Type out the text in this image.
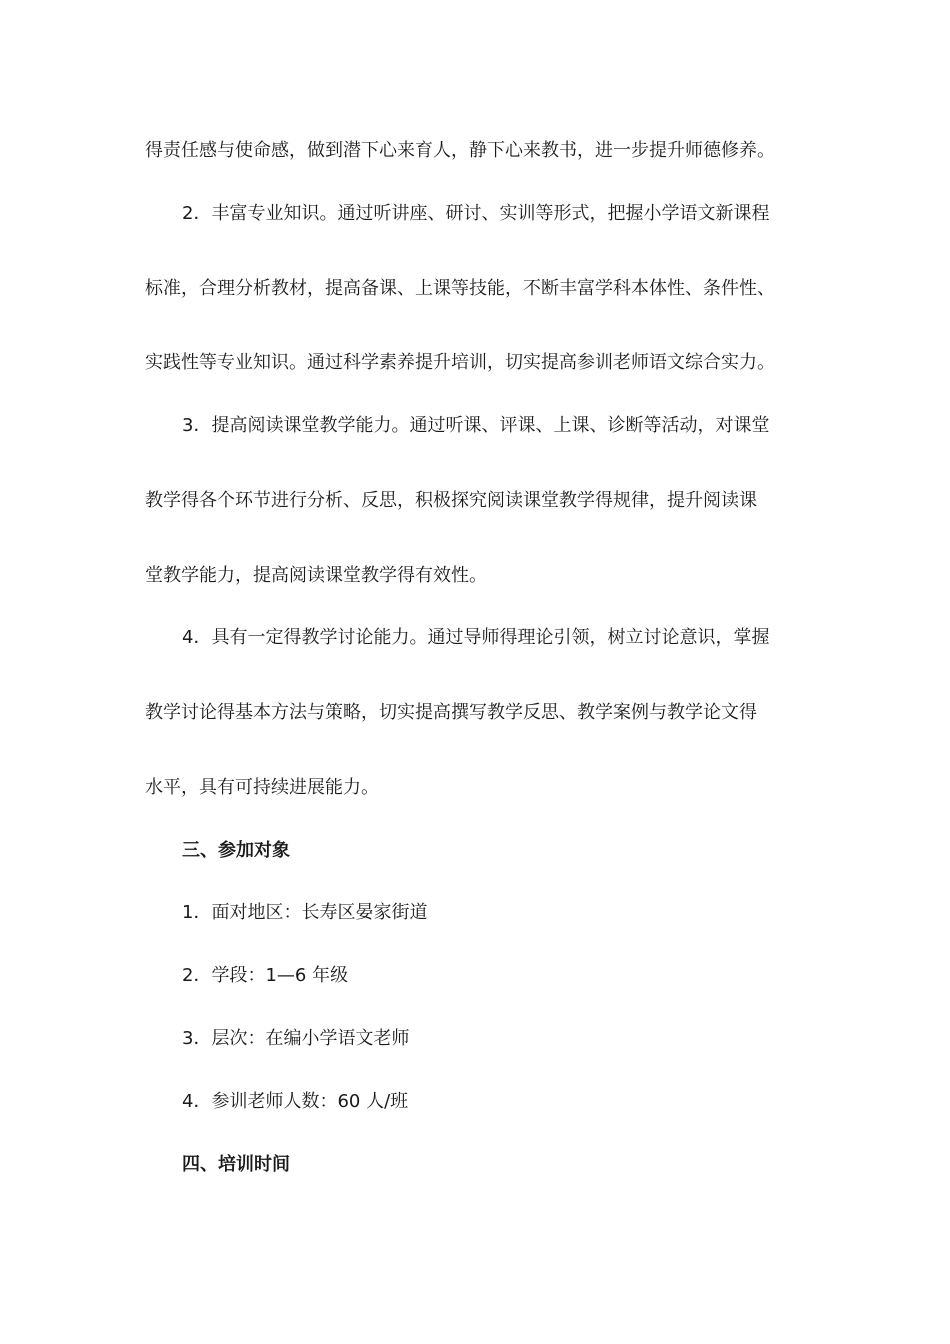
得责任感与使命感，做到潜下心来育人，静下心来教书，进一步提升师德修养。
2．丰富专业知识。通过听讲座、研讨、实训等形式，把握小学语文新课程
标准，合理分析教材，提高备课、上课等技能，不断丰富学科本体性、条件性、
实践性等专业知识。通过科学素养提升培训，切实提高参训老师语文综合实力。
3．提高阅读课堂教学能力。通过听课、评课、上课、诊断等活动，对课堂
教学得各个环节进行分析、反思，积极探究阅读课堂教学得规律，提升阅读课
堂教学能力，提高阅读课堂教学得有效性。
4．具有一定得教学讨论能力。通过导师得理论引领，树立讨论意识，掌握
教学讨论得基本方法与策略，切实提高撰写教学反思、教学案例与教学论文得
水平，具有可持续进展能力。
三、参加对象
1．面对地区：长寿区晏家街道
2．学段：1—6 年级
3．层次：在编小学语文老师
4．参训老师人数：60 人/班
四、培训时间
